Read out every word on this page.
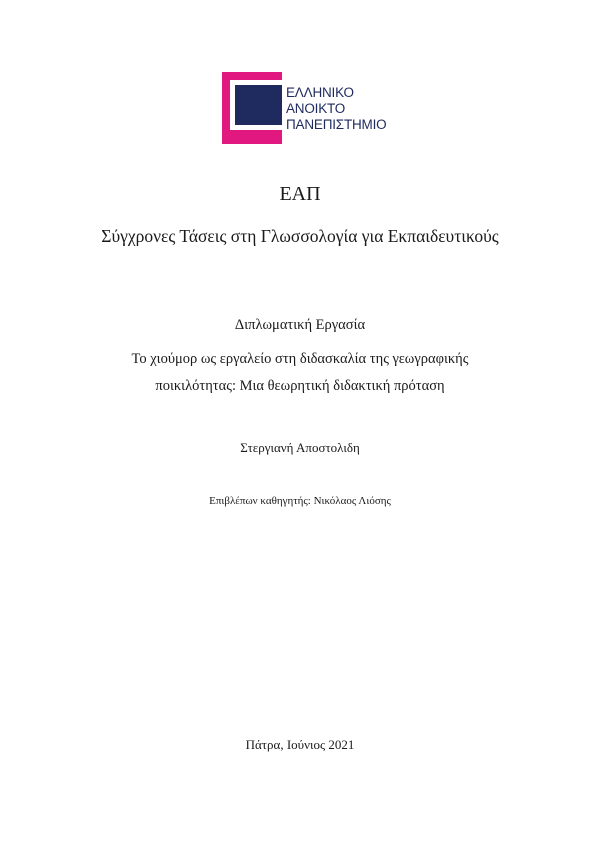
ΕΛΛΗΝΙΚΟ
ΑΝΟΙΚΤΟ
ΠΑΝΕΠΙΣΤΗΜΙΟ
ΕΑΠ
Σύγχρονες Τάσεις στη Γλωσσολογία για Εκπαιδευτικούς
Διπλωματική Εργασία
Το χιούμορ ως εργαλείο στη διδασκαλία της γεωγραφικής
ποικιλότητας: Μια θεωρητική διδακτική πρόταση
Στεργιανή Αποστολιδη
Επιβλέπων καθηγητής: Νικόλαος Λιόσης
Πάτρα, Ιούνιος 2021
